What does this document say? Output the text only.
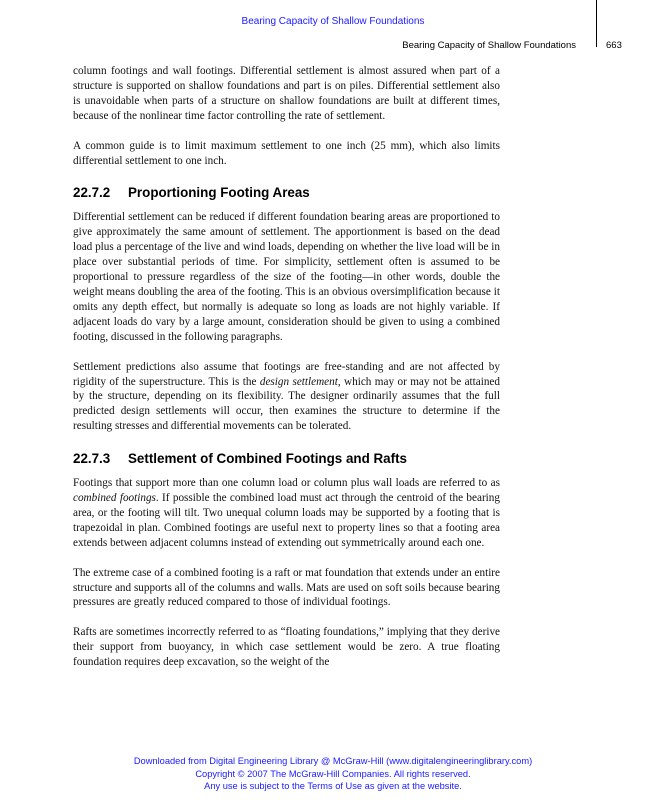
Bearing Capacity of Shallow Foundations
Bearing Capacity of Shallow Foundations	663

column footings and wall footings. Differential settlement is almost assured when part of a structure is supported on shallow foundations and part is on piles. Differential settlement also is unavoidable when parts of a structure on shallow foundations are built at different times, because of the nonlinear time factor controlling the rate of settlement.

A common guide is to limit maximum settlement to one inch (25 mm), which also limits differential settlement to one inch.

22.7.2 Proportioning Footing Areas

Differential settlement can be reduced if different foundation bearing areas are proportioned to give approximately the same amount of settlement. The apportionment is based on the dead load plus a percentage of the live and wind loads, depending on whether the live load will be in place over substantial periods of time. For simplicity, settlement often is assumed to be proportional to pressure regardless of the size of the footing—in other words, double the weight means doubling the area of the footing. This is an obvious oversimplification because it omits any depth effect, but normally is adequate so long as loads are not highly variable. If adjacent loads do vary by a large amount, consideration should be given to using a combined footing, discussed in the following paragraphs.

Settlement predictions also assume that footings are free-standing and are not affected by rigidity of the superstructure. This is the design settlement, which may or may not be attained by the structure, depending on its flexibility. The designer ordinarily assumes that the full predicted design settlements will occur, then examines the structure to determine if the resulting stresses and differential movements can be tolerated.

22.7.3 Settlement of Combined Footings and Rafts

Footings that support more than one column load or column plus wall loads are referred to as combined footings. If possible the combined load must act through the centroid of the bearing area, or the footing will tilt. Two unequal column loads may be supported by a footing that is trapezoidal in plan. Combined footings are useful next to property lines so that a footing area extends between adjacent columns instead of extending out symmetrically around each one.

The extreme case of a combined footing is a raft or mat foundation that extends under an entire structure and supports all of the columns and walls. Mats are used on soft soils because bearing pressures are greatly reduced compared to those of individual footings.

Rafts are sometimes incorrectly referred to as “floating foundations,” implying that they derive their support from buoyancy, in which case settlement would be zero. A true floating foundation requires deep excavation, so the weight of the

Downloaded from Digital Engineering Library @ McGraw-Hill (www.digitalengineeringlibrary.com)
Copyright © 2007 The McGraw-Hill Companies. All rights reserved.
Any use is subject to the Terms of Use as given at the website.
